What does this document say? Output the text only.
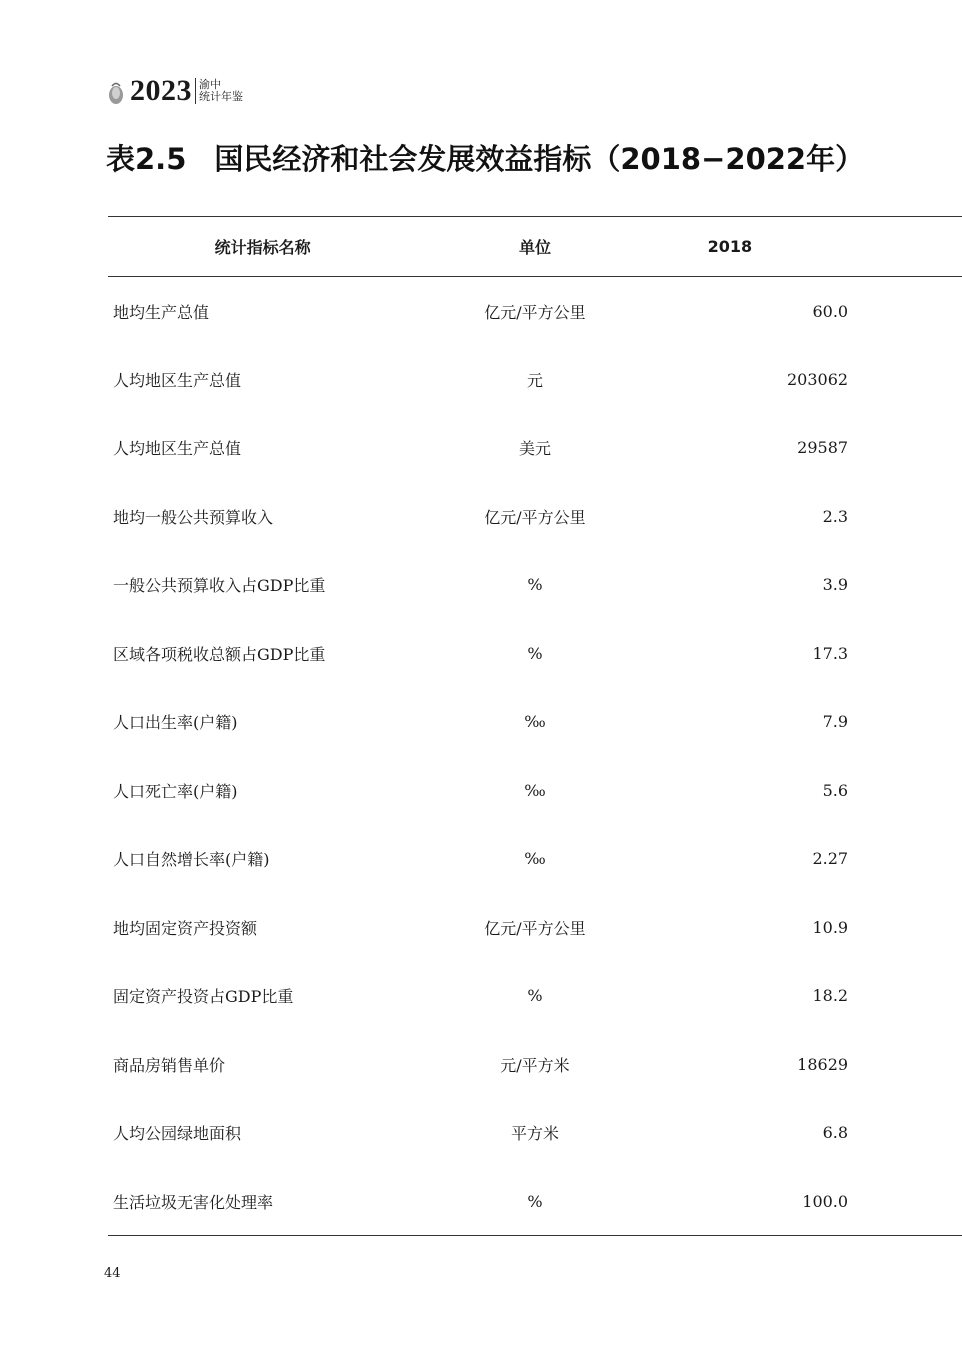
2023 渝中
统计年鉴
表2.5 国民经济和社会发展效益指标（2018−2022年）
统计指标名称	单位	2018	
地均生产总值	亿元/平方公里	60.0	
人均地区生产总值	元	203062	
人均地区生产总值	美元	29587	
地均一般公共预算收入	亿元/平方公里	2.3	
一般公共预算收入占GDP比重	%	3.9	
区域各项税收总额占GDP比重	%	17.3	
人口出生率(户籍)	‰	7.9	
人口死亡率(户籍)	‰	5.6	
人口自然增长率(户籍)	‰	2.27	
地均固定资产投资额	亿元/平方公里	10.9	
固定资产投资占GDP比重	%	18.2	
商品房销售单价	元/平方米	18629	
人均公园绿地面积	平方米	6.8	
生活垃圾无害化处理率	%	100.0	
44
